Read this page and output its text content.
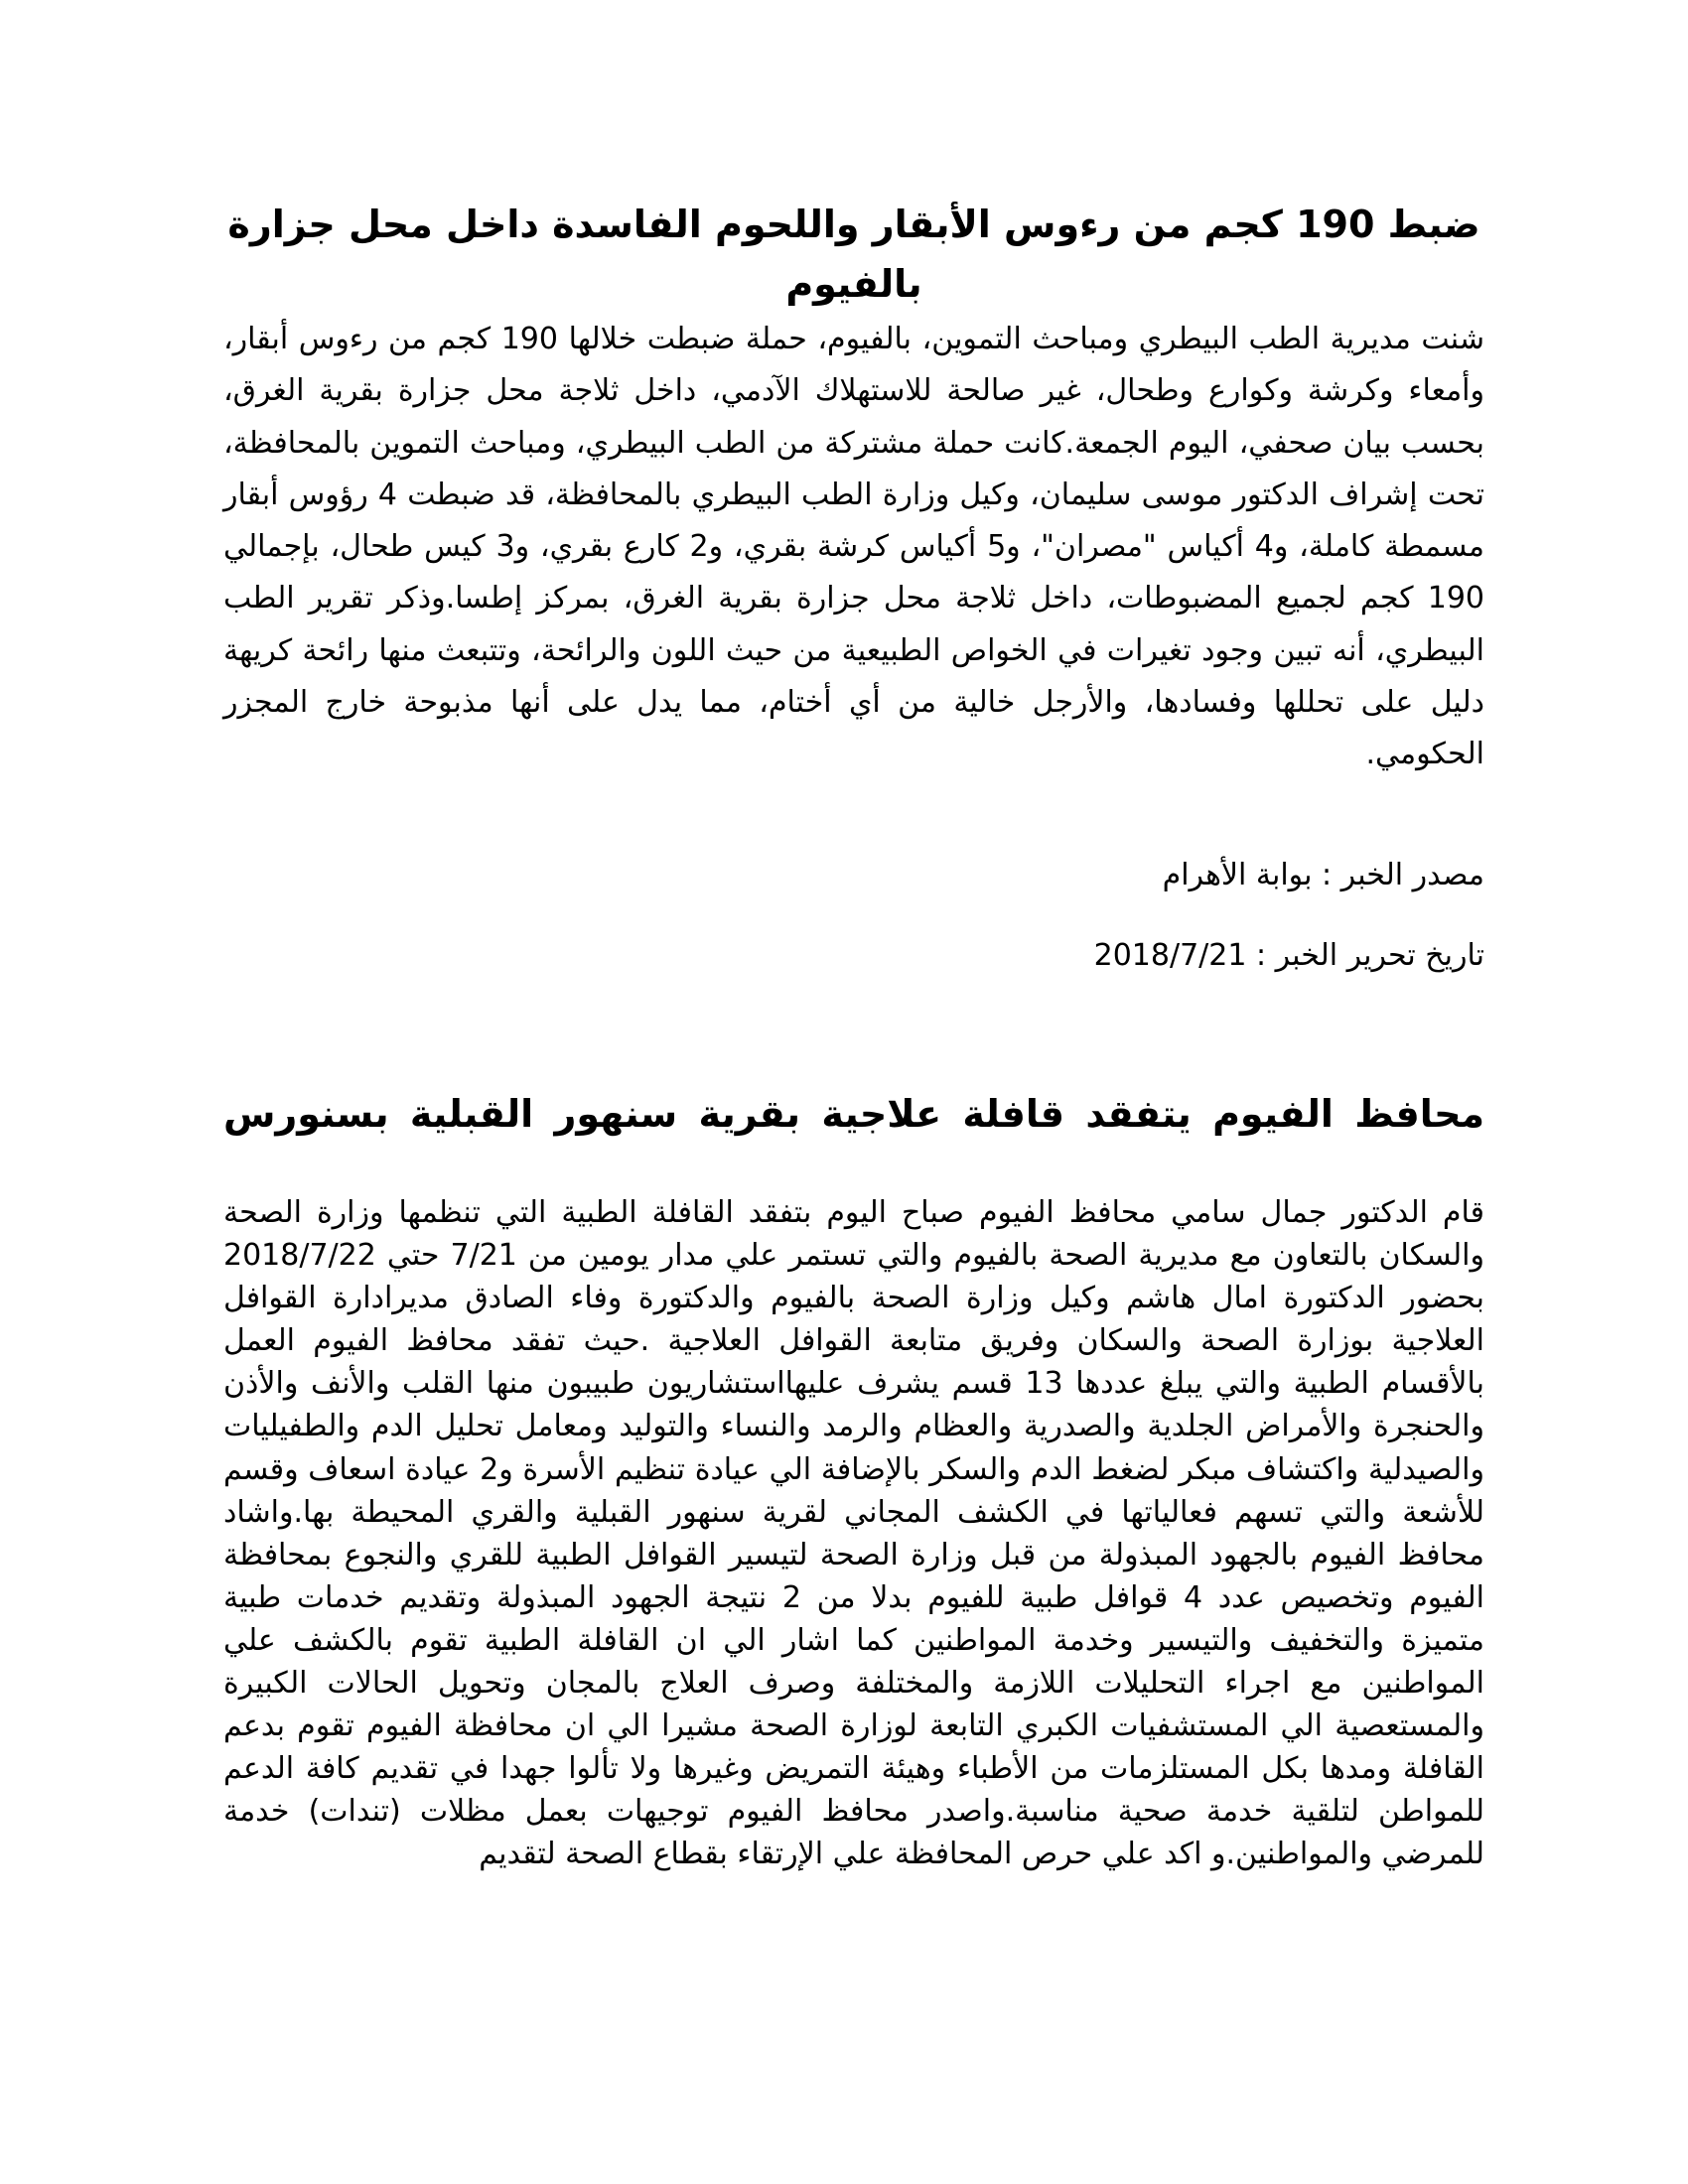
ضبط 190 كجم من رءوس الأبقار واللحوم الفاسدة داخل محل جزارة بالفيوم

شنت مديرية الطب البيطري ومباحث التموين، بالفيوم، حملة ضبطت خلالها 190 كجم من رءوس أبقار، وأمعاء وكرشة وكوارع وطحال، غير صالحة للاستهلاك الآدمي، داخل ثلاجة محل جزارة بقرية الغرق، بحسب بيان صحفي، اليوم الجمعة.كانت حملة مشتركة من الطب البيطري، ومباحث التموين بالمحافظة، تحت إشراف الدكتور موسى سليمان، وكيل وزارة الطب البيطري بالمحافظة، قد ضبطت 4 رؤوس أبقار مسمطة كاملة، و4 أكياس "مصران"، و5 أكياس كرشة بقري، و2 كارع بقري، و3 كيس طحال، بإجمالي 190 كجم لجميع المضبوطات، داخل ثلاجة محل جزارة بقرية الغرق، بمركز إطسا.وذكر تقرير الطب البيطري، أنه تبين وجود تغيرات في الخواص الطبيعية من حيث اللون والرائحة، وتتبعث منها رائحة كريهة دليل على تحللها وفسادها، والأرجل خالية من أي أختام، مما يدل على أنها مذبوحة خارج المجزر الحكومي.

مصدر الخبر : بوابة الأهرام

تاريخ تحرير الخبر : 2018/7/21

محافظ الفيوم يتفقد قافلة علاجية بقرية سنهور القبلية بسنورس

قام الدكتور جمال سامي محافظ الفيوم صباح اليوم بتفقد القافلة الطبية التي تنظمها وزارة الصحة والسكان بالتعاون مع مديرية الصحة بالفيوم والتي تستمر علي مدار يومين من 7/21 حتي 2018/7/22 بحضور الدكتورة امال هاشم وكيل وزارة الصحة بالفيوم والدكتورة وفاء الصادق مديرادارة القوافل العلاجية بوزارة الصحة والسكان وفريق متابعة القوافل العلاجية .حيث تفقد محافظ الفيوم العمل بالأقسام الطبية والتي يبلغ عددها 13 قسم يشرف عليهااستشاريون طبيبون منها القلب والأنف والأذن والحنجرة والأمراض الجلدية والصدرية والعظام والرمد والنساء والتوليد ومعامل تحليل الدم والطفيليات والصيدلية واكتشاف مبكر لضغط الدم والسكر بالإضافة الي عيادة تنظيم الأسرة و2 عيادة اسعاف وقسم للأشعة والتي تسهم فعالياتها في الكشف المجاني لقرية سنهور القبلية والقري المحيطة بها.واشاد محافظ الفيوم بالجهود المبذولة من قبل وزارة الصحة لتيسير القوافل الطبية للقري والنجوع بمحافظة الفيوم وتخصيص عدد 4 قوافل طبية للفيوم بدلا من 2 نتيجة الجهود المبذولة وتقديم خدمات طبية متميزة والتخفيف والتيسير وخدمة المواطنين كما اشار الي ان القافلة الطبية تقوم بالكشف علي المواطنين مع اجراء التحليلات اللازمة والمختلفة وصرف العلاج بالمجان وتحويل الحالات الكبيرة والمستعصية الي المستشفيات الكبري التابعة لوزارة الصحة مشيرا الي ان محافظة الفيوم تقوم بدعم القافلة ومدها بكل المستلزمات من الأطباء وهيئة التمريض وغيرها ولا تألوا جهدا في تقديم كافة الدعم للمواطن لتلقية خدمة صحية مناسبة.واصدر محافظ الفيوم توجيهات بعمل مظلات (تندات) خدمة للمرضي والمواطنين.و اكد علي حرص المحافظة علي الإرتقاء بقطاع الصحة لتقديم
